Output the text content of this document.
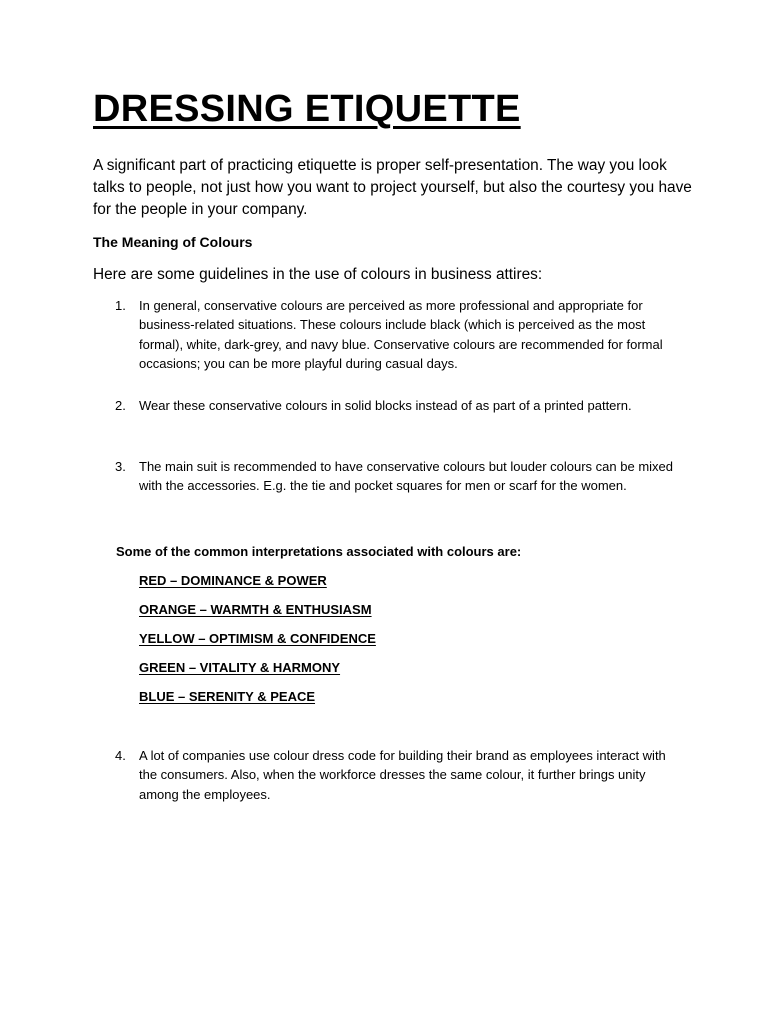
DRESSING ETIQUETTE

A significant part of practicing etiquette is proper self-presentation. The way you look talks to people, not just how you want to project yourself, but also the courtesy you have for the people in your company.

The Meaning of Colours

Here are some guidelines in the use of colours in business attires:

1. In general, conservative colours are perceived as more professional and appropriate for business-related situations. These colours include black (which is perceived as the most formal), white, dark-grey, and navy blue. Conservative colours are recommended for formal occasions; you can be more playful during casual days.

2. Wear these conservative colours in solid blocks instead of as part of a printed pattern.

3. The main suit is recommended to have conservative colours but louder colours can be mixed with the accessories. E.g. the tie and pocket squares for men or scarf for the women.

Some of the common interpretations associated with colours are:

RED – DOMINANCE & POWER

ORANGE – WARMTH & ENTHUSIASM

YELLOW – OPTIMISM & CONFIDENCE

GREEN – VITALITY & HARMONY

BLUE – SERENITY & PEACE

4. A lot of companies use colour dress code for building their brand as employees interact with the consumers. Also, when the workforce dresses the same colour, it further brings unity among the employees.
